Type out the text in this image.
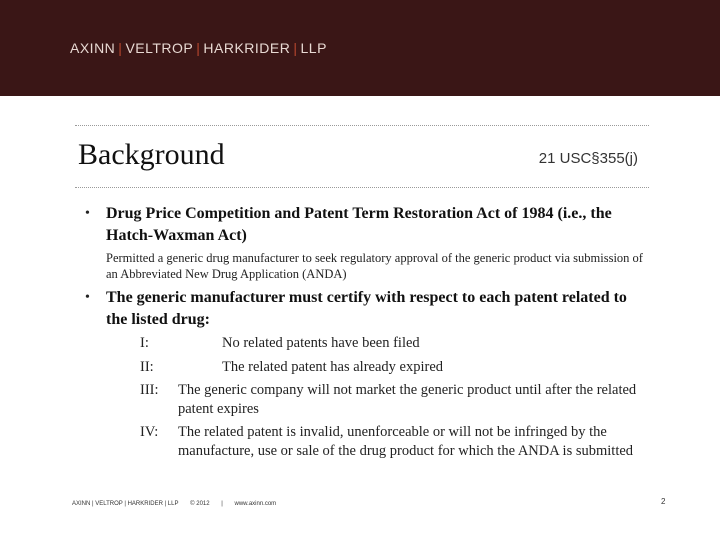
AXINN | VELTROP | HARKRIDER | LLP
Background	21 USC§355(j)
• Drug Price Competition and Patent Term Restoration Act of 1984 (i.e., the Hatch-Waxman Act)
Permitted a generic drug manufacturer to seek regulatory approval of the generic product via submission of an Abbreviated New Drug Application (ANDA)
• The generic manufacturer must certify with respect to each patent related to the listed drug:
I:	No related patents have been filed
II:	The related patent has already expired
III: The generic company will not market the generic product until after the related patent expires
IV: The related patent is invalid, unenforceable or will not be infringed by the manufacture, use or sale of the drug product for which the ANDA is submitted
AXINN | VELTROP | HARKRIDER | LLP © 2012 | www.axinn.com	2
